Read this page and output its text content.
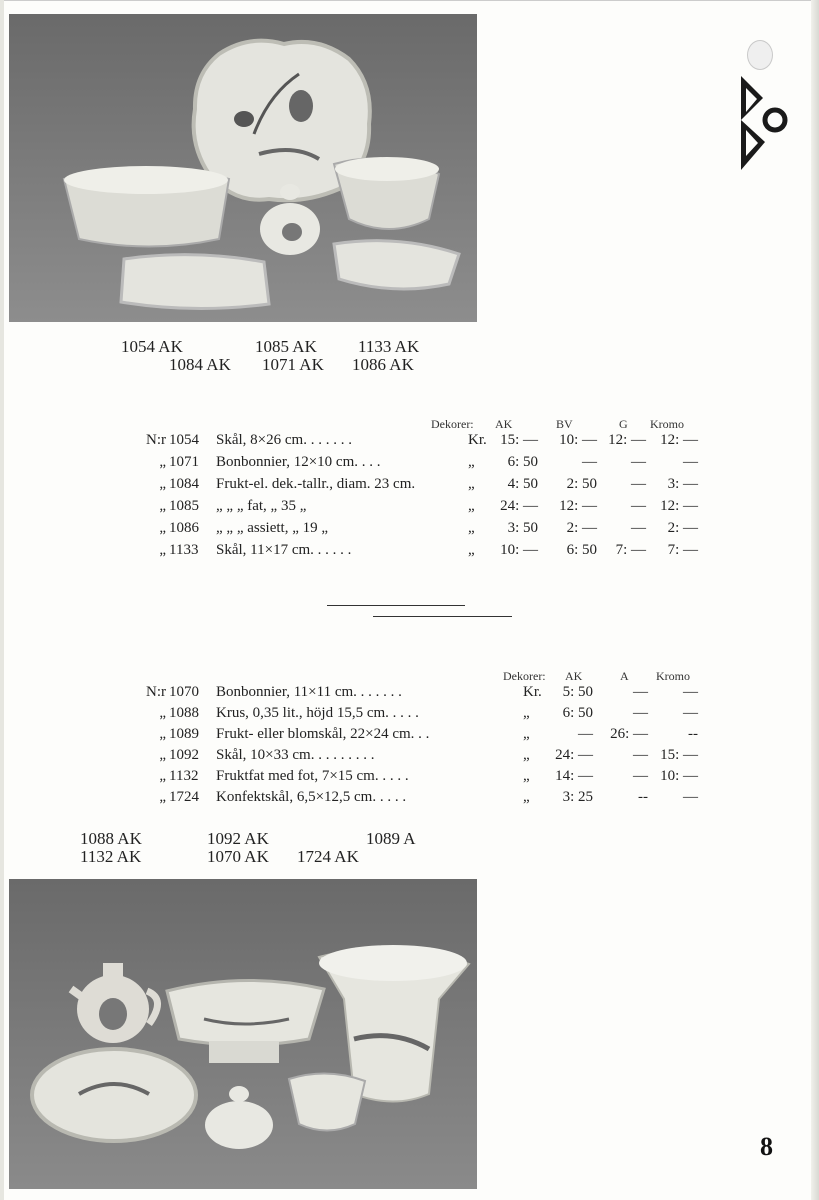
1054 AK	1085 AK 1133 AK
1084 AK 1071 AK 1086 AK
Dekorer: AK	BV	G Kromo
N:r 1054 Skål, 8×26 cm. . . . . . .	Kr. 15: —	10: — 12: — 12: —
„ 1071 Bonbonnier, 12×10 cm. . . .	„	6: 50	—	—	—
„ 1084 Frukt-el. dek.-tallr., diam. 23 cm.	„	4: 50	2: 50	—	3: —
„ 1085 „ „ „ fat, „ 35 „	„	24: —	12: —	— 12: —
„ 1086 „ „ „ assiett, „ 19 „	„	3: 50	2: —	—	2: —
„ 1133 Skål, 11×17 cm. . . . . .	„	10: —	6: 50	7: —	7: —
Dekorer: AK	A Kromo
N:r 1070 Bonbonnier, 11×11 cm. . . . . . .	Kr.	5: 50	—	—
„ 1088 Krus, 0,35 lit., höjd 15,5 cm. . . . .	„	6: 50	—	—
„ 1089 Frukt- eller blomskål, 22×24 cm. . .	„	—	26: —	--
„ 1092 Skål, 10×33 cm. . . . . . . . .	„	24: —	— 15: —
„ 1132 Fruktfat med fot, 7×15 cm. . . . .	„	14: —	— 10: —
„ 1724 Konfektskål, 6,5×12,5 cm. . . . .	„	3: 25	--	—
1088 AK	1092 AK	1089 A
1132 AK	1070 AK 1724 AK
8
